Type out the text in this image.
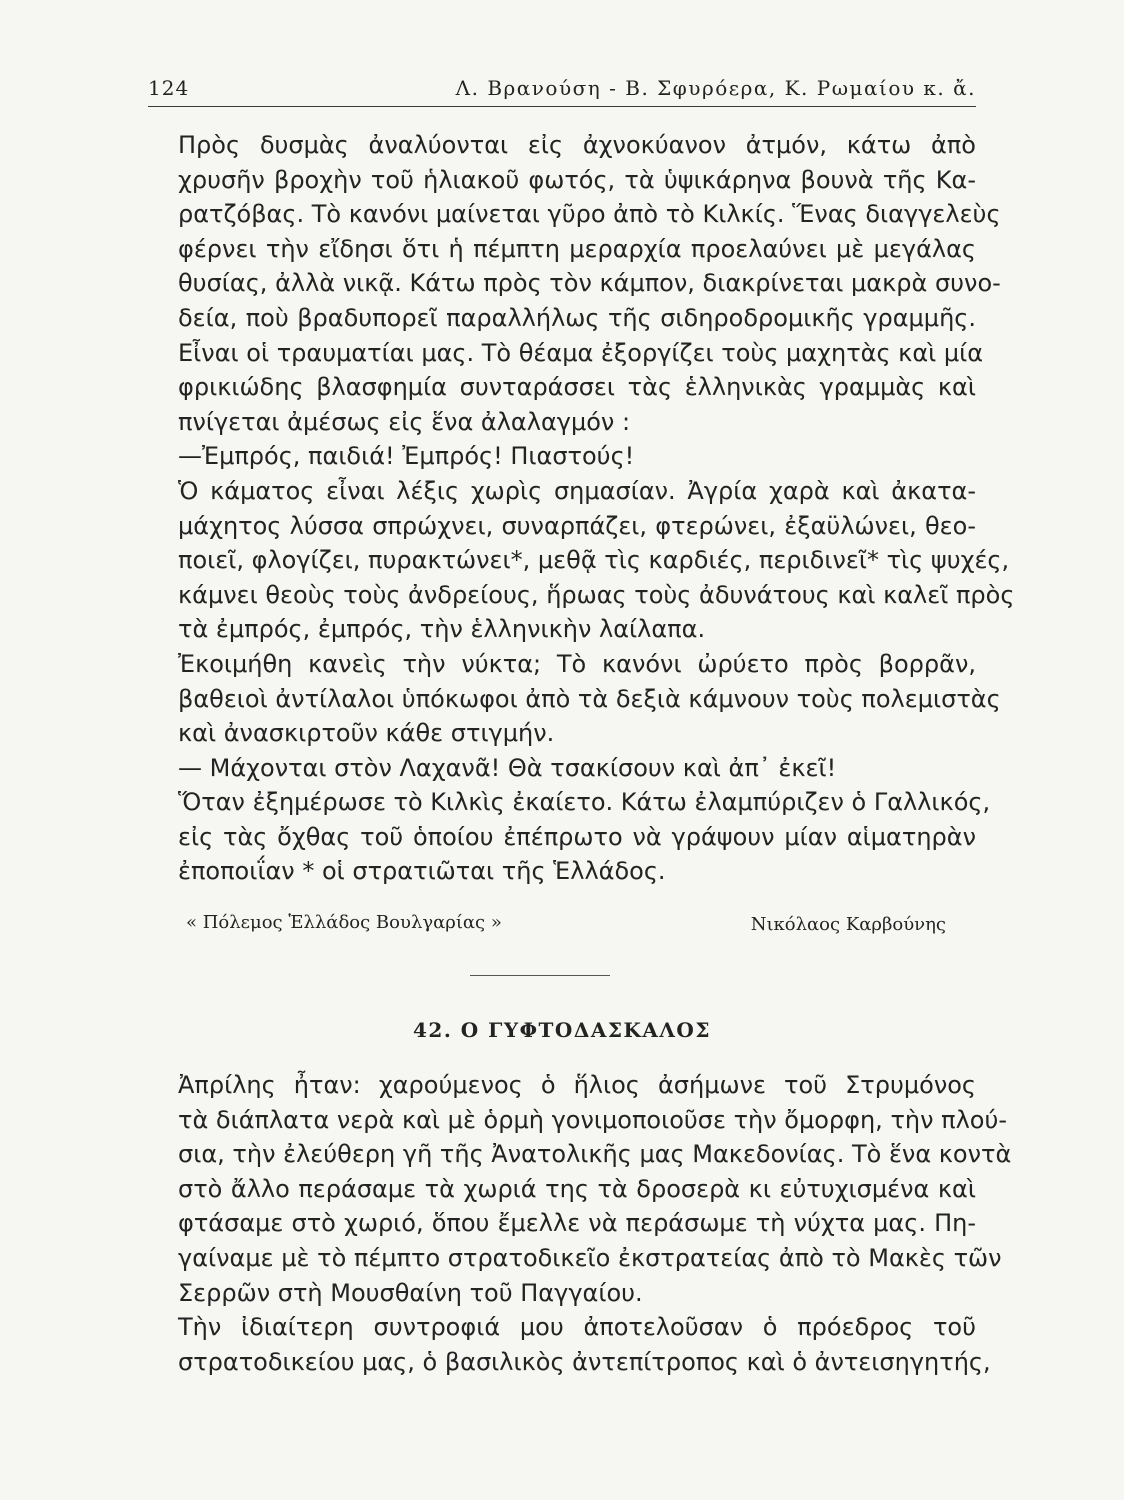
124	Λ. Βρανούση - Β. Σφυρόερα, Κ. Ρωμαίου κ. ἄ.

Πρὸς δυσμὰς ἀναλύονται εἰς ἀχνοκύανον ἀτμόν, κάτω ἀπὸ
χρυσῆν βροχὴν τοῦ ἡλιακοῦ φωτός, τὰ ὑψικάρηνα βουνὰ τῆς Κα-
ρατζόβας. Τὸ κανόνι μαίνεται γῦρο ἀπὸ τὸ Κιλκίς. Ἕνας διαγγελεὺς
φέρνει τὴν εἴδησι ὅτι ἡ πέμπτη μεραρχία προελαύνει μὲ μεγάλας
θυσίας, ἀλλὰ νικᾷ. Κάτω πρὸς τὸν κάμπον, διακρίνεται μακρὰ συνο-
δεία, ποὺ βραδυπορεῖ παραλλήλως τῆς σιδηροδρομικῆς γραμμῆς.
Εἶναι οἱ τραυματίαι μας. Τὸ θέαμα ἐξοργίζει τοὺς μαχητὰς καὶ μία
φρικιώδης βλασφημία συνταράσσει τὰς ἑλληνικὰς γραμμὰς καὶ
πνίγεται ἀμέσως εἰς ἕνα ἀλαλαγμόν :

—Ἐμπρός, παιδιά! Ἐμπρός! Πιαστούς!

Ὁ κάματος εἶναι λέξις χωρὶς σημασίαν. Ἀγρία χαρὰ καὶ ἀκατα-
μάχητος λύσσα σπρώχνει, συναρπάζει, φτερώνει, ἐξαϋλώνει, θεο-
ποιεῖ, φλογίζει, πυρακτώνει*, μεθᾷ τὶς καρδιές, περιδινεῖ* τὶς ψυχές,
κάμνει θεοὺς τοὺς ἀνδρείους, ἥρωας τοὺς ἀδυνάτους καὶ καλεῖ πρὸς
τὰ ἐμπρός, ἐμπρός, τὴν ἑλληνικὴν λαίλαπα.

Ἐκοιμήθη κανεὶς τὴν νύκτα; Τὸ κανόνι ὠρύετο πρὸς βορρᾶν,
βαθειοὶ ἀντίλαλοι ὑπόκωφοι ἀπὸ τὰ δεξιὰ κάμνουν τοὺς πολεμιστὰς
καὶ ἀνασκιρτοῦν κάθε στιγμήν.

— Μάχονται στὸν Λαχανᾶ! Θὰ τσακίσουν καὶ ἀπ᾽ ἐκεῖ!

Ὅταν ἐξημέρωσε τὸ Κιλκὶς ἐκαίετο. Κάτω ἐλαμπύριζεν ὁ Γαλλικός,
εἰς τὰς ὄχθας τοῦ ὁποίου ἐπέπρωτο νὰ γράψουν μίαν αἱματηρὰν
ἐποποιΐαν * οἱ στρατιῶται τῆς Ἑλλάδος.

« Πόλεμος Ἑλλάδος Βουλγαρίας »	Νικόλαος Καρβούνης
42. Ο ΓΥΦΤΟΔΑΣΚΑΛΟΣ

Ἀπρίλης ἦταν: χαρούμενος ὁ ἥλιος ἀσήμωνε τοῦ Στρυμόνος
τὰ διάπλατα νερὰ καὶ μὲ ὁρμὴ γονιμοποιοῦσε τὴν ὄμορφη, τὴν πλού-
σια, τὴν ἐλεύθερη γῆ τῆς Ἀνατολικῆς μας Μακεδονίας. Τὸ ἕνα κοντὰ
στὸ ἄλλο περάσαμε τὰ χωριά της τὰ δροσερὰ κι εὐτυχισμένα καὶ
φτάσαμε στὸ χωριό, ὅπου ἔμελλε νὰ περάσωμε τὴ νύχτα μας. Πη-
γαίναμε μὲ τὸ πέμπτο στρατοδικεῖο ἐκστρατείας ἀπὸ τὸ Μακὲς τῶν
Σερρῶν στὴ Μουσθαίνη τοῦ Παγγαίου.

Τὴν ἰδιαίτερη συντροφιά μου ἀποτελοῦσαν ὁ πρόεδρος τοῦ
στρατοδικείου μας, ὁ βασιλικὸς ἀντεπίτροπος καὶ ὁ ἀντεισηγητής,
